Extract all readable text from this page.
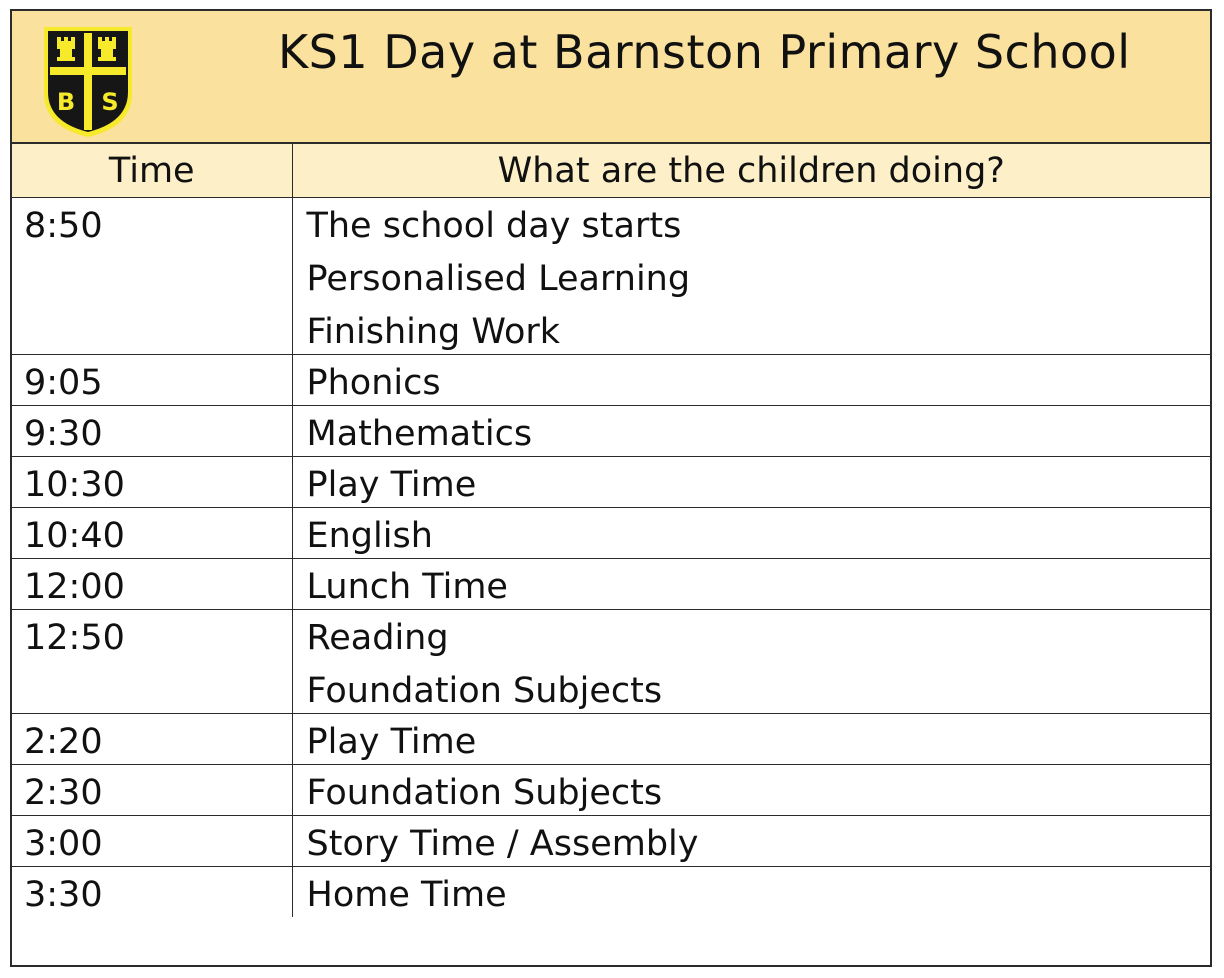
B S
KS1 Day at Barnston Primary School
Time	What are the children doing?

8:50	The school day starts
Personalised Learning
Finishing Work

9:05	Phonics

9:30	Mathematics

10:30	Play Time

10:40	English

12:00	Lunch Time

12:50	Reading
Foundation Subjects

2:20	Play Time

2:30	Foundation Subjects

3:00	Story Time / Assembly

3:30	Home Time
